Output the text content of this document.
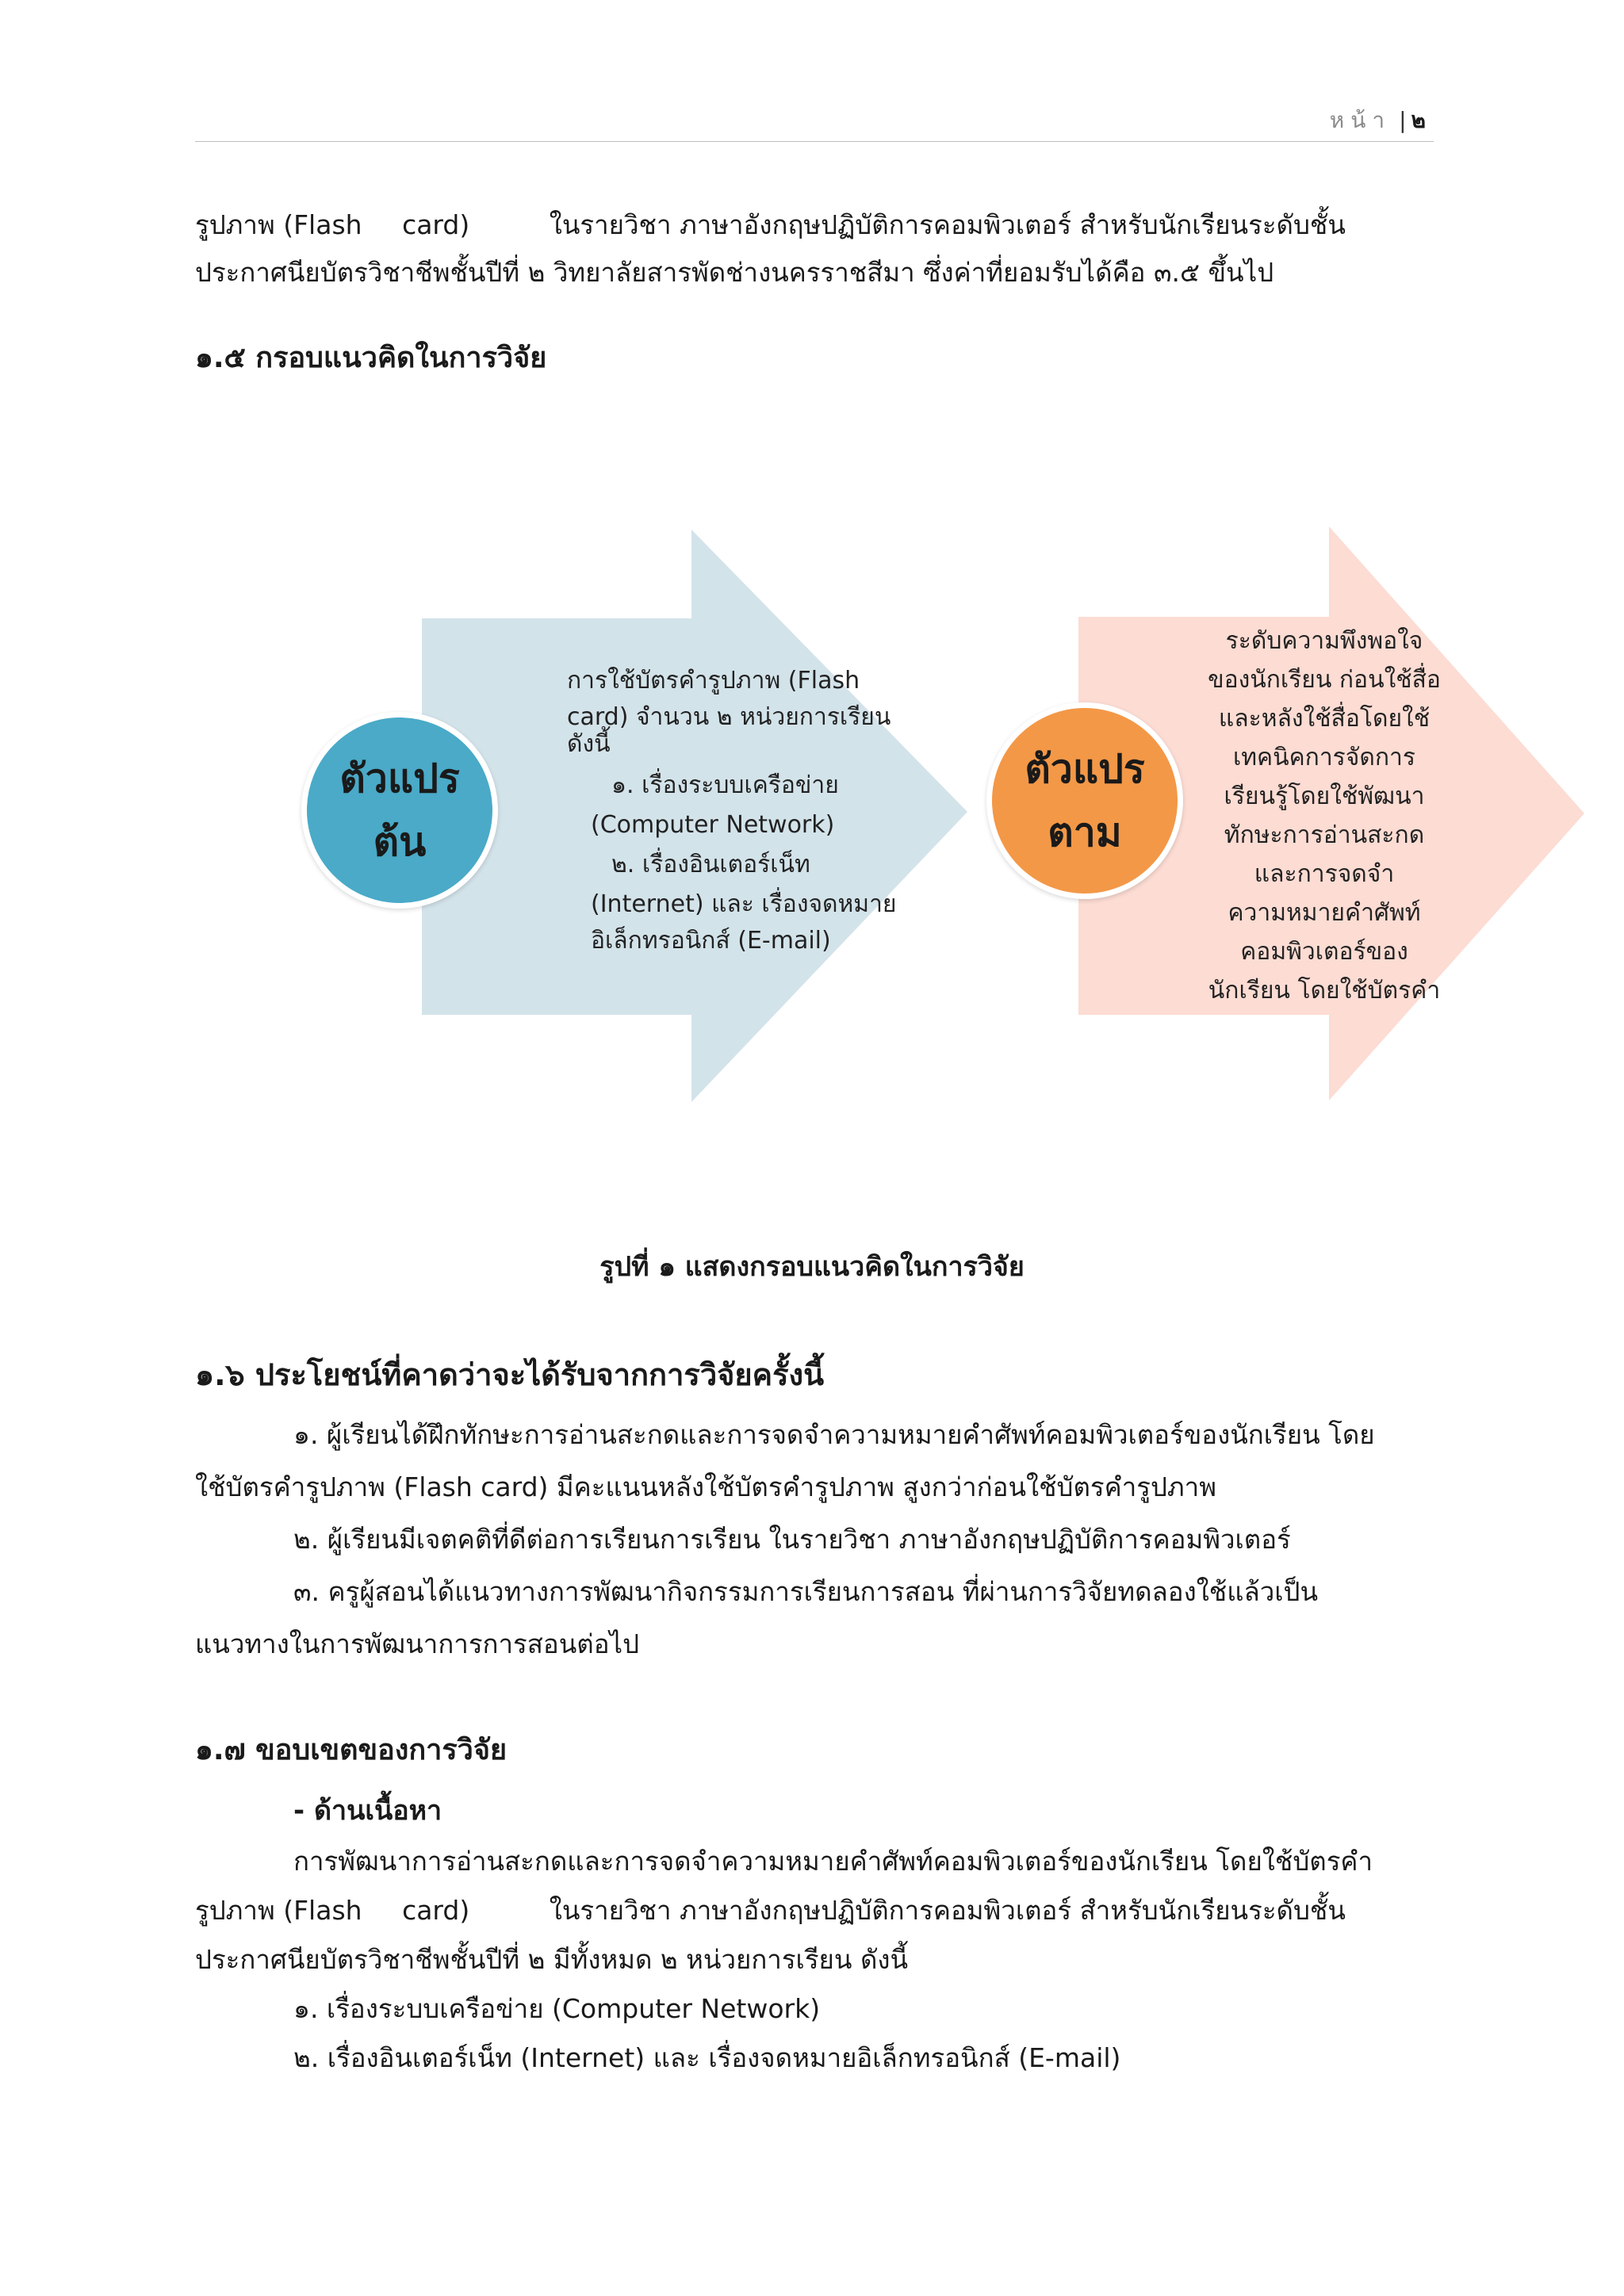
หน้า | ๒
รูปภาพ (Flash card)	ในรายวิชา ภาษาอังกฤษปฏิบัติการคอมพิวเตอร์ สำหรับนักเรียนระดับชั้น
ประกาศนียบัตรวิชาชีพชั้นปีที่ ๒ วิทยาลัยสารพัดช่างนครราชสีมา ซึ่งค่าที่ยอมรับได้คือ ๓.๕ ขึ้นไป
๑.๕ กรอบแนวคิดในการวิจัย
ตัวแปร
ต้น
การใช้บัตรคำรูปภาพ (Flash
card) จำนวน ๒ หน่วยการเรียน
ดังนี้
๑. เรื่องระบบเครือข่าย
(Computer Network)
๒. เรื่องอินเตอร์เน็ท
(Internet) และ เรื่องจดหมาย
อิเล็กทรอนิกส์ (E-mail)
ตัวแปร
ตาม
ระดับความพึงพอใจ
ของนักเรียน ก่อนใช้สื่อ
และหลังใช้สื่อโดยใช้
เทคนิคการจัดการ
เรียนรู้โดยใช้พัฒนา
ทักษะการอ่านสะกด
และการจดจำ
ความหมายคำศัพท์
คอมพิวเตอร์ของ
นักเรียน โดยใช้บัตรคำ
รูปที่ ๑ แสดงกรอบแนวคิดในการวิจัย
๑.๖ ประโยชน์ที่คาดว่าจะได้รับจากการวิจัยครั้งนี้
๑. ผู้เรียนได้ฝึกทักษะการอ่านสะกดและการจดจำความหมายคำศัพท์คอมพิวเตอร์ของนักเรียน โดย
ใช้บัตรคำรูปภาพ (Flash card) มีคะแนนหลังใช้บัตรคำรูปภาพ สูงกว่าก่อนใช้บัตรคำรูปภาพ
๒. ผู้เรียนมีเจตคติที่ดีต่อการเรียนการเรียน ในรายวิชา ภาษาอังกฤษปฏิบัติการคอมพิวเตอร์
๓. ครูผู้สอนได้แนวทางการพัฒนากิจกรรมการเรียนการสอน ที่ผ่านการวิจัยทดลองใช้แล้วเป็น
แนวทางในการพัฒนาการการสอนต่อไป
๑.๗ ขอบเขตของการวิจัย
- ด้านเนื้อหา
การพัฒนาการอ่านสะกดและการจดจำความหมายคำศัพท์คอมพิวเตอร์ของนักเรียน โดยใช้บัตรคำ
รูปภาพ (Flash card)	ในรายวิชา ภาษาอังกฤษปฏิบัติการคอมพิวเตอร์ สำหรับนักเรียนระดับชั้น
ประกาศนียบัตรวิชาชีพชั้นปีที่ ๒ มีทั้งหมด ๒ หน่วยการเรียน ดังนี้
๑. เรื่องระบบเครือข่าย (Computer Network)
๒. เรื่องอินเตอร์เน็ท (Internet) และ เรื่องจดหมายอิเล็กทรอนิกส์ (E-mail)
